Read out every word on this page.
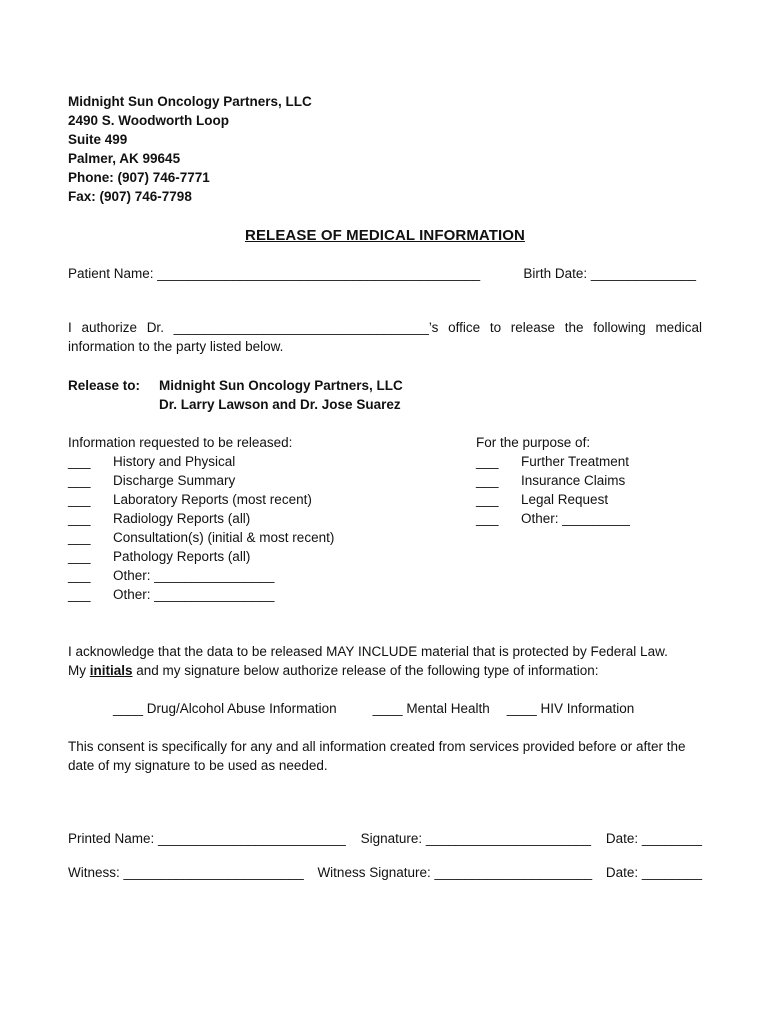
Midnight Sun Oncology Partners, LLC
2490 S. Woodworth Loop
Suite 499
Palmer, AK 99645
Phone: (907) 746-7771
Fax: (907) 746-7798
RELEASE OF MEDICAL INFORMATION
Patient Name: ___________________________________________	Birth Date: ______________
I authorize Dr. __________________________________’s office to release the following medical
information to the party listed below.
Release to:	Midnight Sun Oncology Partners, LLC
Dr. Larry Lawson and Dr. Jose Suarez
Information requested to be released:
___	History and Physical
___	Discharge Summary
___	Laboratory Reports (most recent)
___	Radiology Reports (all)
___	Consultation(s) (initial & most recent)
___	Pathology Reports (all)
___	Other: ________________
___	Other: ________________
For the purpose of:
___	Further Treatment
___	Insurance Claims
___	Legal Request
___	Other: _________
I acknowledge that the data to be released MAY INCLUDE material that is protected by Federal Law.
My initials and my signature below authorize release of the following type of information:
____ Drug/Alcohol Abuse Information	____ Mental Health ____ HIV Information
This consent is specifically for any and all information created from services provided before or after the date of my signature to be used as needed.
Printed Name: _________________________ Signature: ______________________ Date: ________
Witness: ________________________ Witness Signature: _____________________ Date: ________
